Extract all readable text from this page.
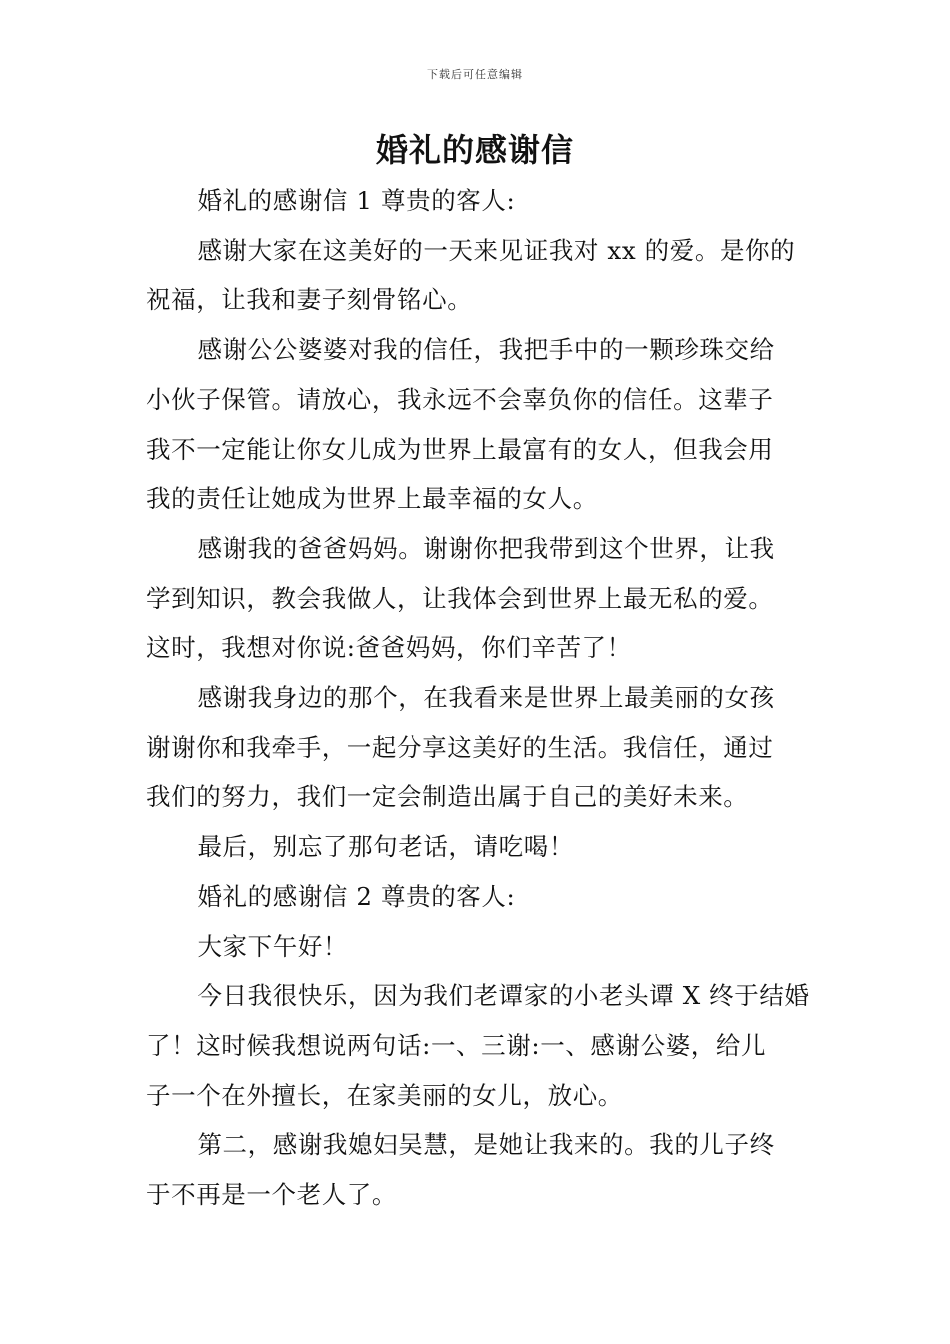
下载后可任意编辑
婚礼的感谢信

婚礼的感谢信 1 尊贵的客人:

感谢大家在这美好的一天来见证我对 xx 的爱。是你的
祝福，让我和妻子刻骨铭心。

感谢公公婆婆对我的信任，我把手中的一颗珍珠交给
小伙子保管。请放心，我永远不会辜负你的信任。这辈子
我不一定能让你女儿成为世界上最富有的女人，但我会用
我的责任让她成为世界上最幸福的女人。

感谢我的爸爸妈妈。谢谢你把我带到这个世界，让我
学到知识，教会我做人，让我体会到世界上最无私的爱。
这时，我想对你说:爸爸妈妈，你们辛苦了！

感谢我身边的那个，在我看来是世界上最美丽的女孩
谢谢你和我牵手，一起分享这美好的生活。我信任，通过
我们的努力，我们一定会制造出属于自己的美好未来。

最后，别忘了那句老话，请吃喝！

婚礼的感谢信 2 尊贵的客人:

大家下午好！

今日我很快乐，因为我们老谭家的小老头谭 X 终于结婚
了！这时候我想说两句话:一、三谢:一、感谢公婆，给儿
子一个在外擅长，在家美丽的女儿，放心。

第二，感谢我媳妇吴慧，是她让我来的。我的儿子终
于不再是一个老人了。
